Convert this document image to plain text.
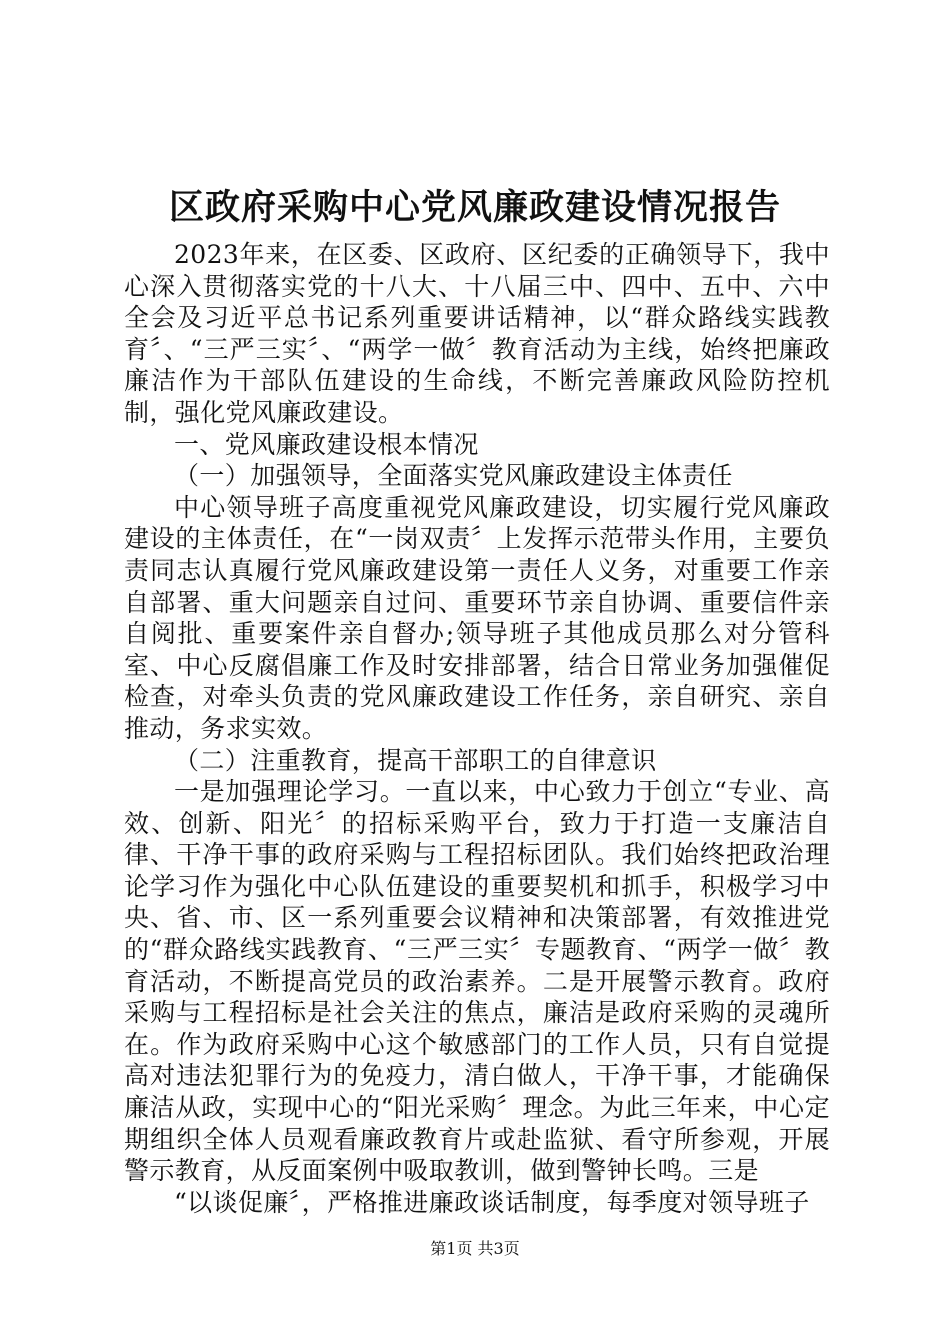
区政府采购中心党风廉政建设情况报告

2023年来，在区委、区政府、区纪委的正确领导下，我中心深入贯彻落实党的十八大、十八届三中、四中、五中、六中全会及习近平总书记系列重要讲话精神，以“群众路线实践教育〞、“三严三实〞、“两学一做〞教育活动为主线，始终把廉政廉洁作为干部队伍建设的生命线，不断完善廉政风险防控机制，强化党风廉政建设。

一、党风廉政建设根本情况

（一）加强领导，全面落实党风廉政建设主体责任

中心领导班子高度重视党风廉政建设，切实履行党风廉政建设的主体责任，在“一岗双责〞上发挥示范带头作用，主要负责同志认真履行党风廉政建设第一责任人义务，对重要工作亲自部署、重大问题亲自过问、重要环节亲自协调、重要信件亲自阅批、重要案件亲自督办;领导班子其他成员那么对分管科室、中心反腐倡廉工作及时安排部署，结合日常业务加强催促检查，对牵头负责的党风廉政建设工作任务，亲自研究、亲自推动，务求实效。

（二）注重教育，提高干部职工的自律意识

一是加强理论学习。一直以来，中心致力于创立“专业、高效、创新、阳光〞的招标采购平台，致力于打造一支廉洁自律、干净干事的政府采购与工程招标团队。我们始终把政治理论学习作为强化中心队伍建设的重要契机和抓手，积极学习中央、省、市、区一系列重要会议精神和决策部署，有效推进党的“群众路线实践教育、“三严三实〞专题教育、“两学一做〞教育活动，不断提高党员的政治素养。二是开展警示教育。政府采购与工程招标是社会关注的焦点，廉洁是政府采购的灵魂所在。作为政府采购中心这个敏感部门的工作人员，只有自觉提高对违法犯罪行为的免疫力，清白做人，干净干事，才能确保廉洁从政，实现中心的“阳光采购〞理念。为此三年来，中心定期组织全体人员观看廉政教育片或赴监狱、看守所参观，开展警示教育，从反面案例中吸取教训，做到警钟长鸣。三是

“以谈促廉〞，严格推进廉政谈话制度，每季度对领导班子

第1页 共3页
